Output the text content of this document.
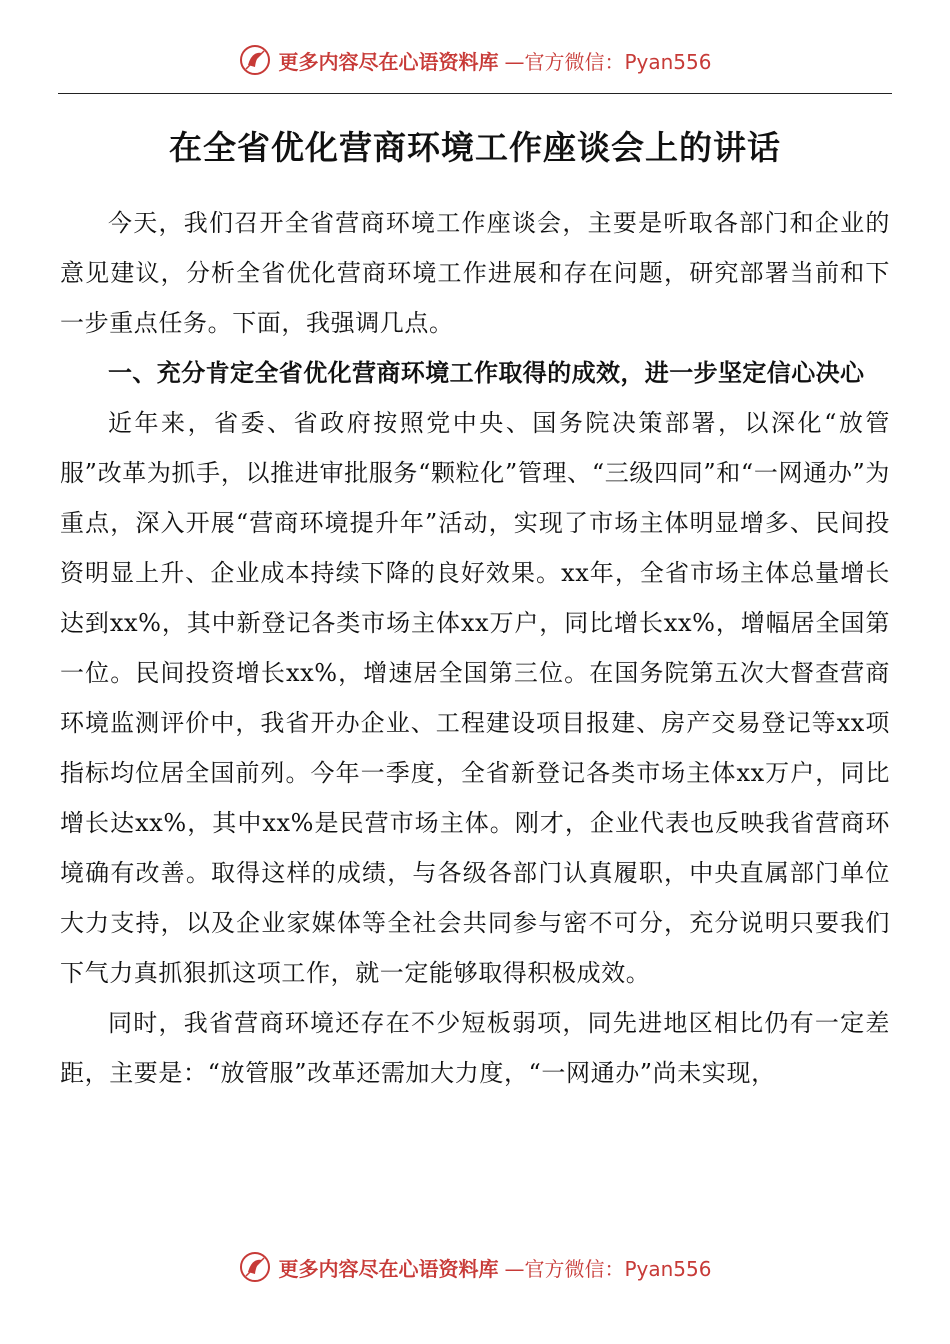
更多内容尽在心语资料库 —官方微信：Pyan556
在全省优化营商环境工作座谈会上的讲话

今天，我们召开全省营商环境工作座谈会，主要是听取各部门和企业的意见建议，分析全省优化营商环境工作进展和存在问题，研究部署当前和下一步重点任务。下面，我强调几点。

一、充分肯定全省优化营商环境工作取得的成效，进一步坚定信心决心

近年来，省委、省政府按照党中央、国务院决策部署，以深化“放管服”改革为抓手，以推进审批服务“颗粒化”管理、“三级四同”和“一网通办”为重点，深入开展“营商环境提升年”活动，实现了市场主体明显增多、民间投资明显上升、企业成本持续下降的良好效果。xx年，全省市场主体总量增长达到xx%，其中新登记各类市场主体xx万户，同比增长xx%，增幅居全国第一位。民间投资增长xx%，增速居全国第三位。在国务院第五次大督查营商环境监测评价中，我省开办企业、工程建设项目报建、房产交易登记等xx项指标均位居全国前列。今年一季度，全省新登记各类市场主体xx万户，同比增长达xx%，其中xx%是民营市场主体。刚才，企业代表也反映我省营商环境确有改善。取得这样的成绩，与各级各部门认真履职，中央直属部门单位大力支持，以及企业家媒体等全社会共同参与密不可分，充分说明只要我们下气力真抓狠抓这项工作，就一定能够取得积极成效。

同时，我省营商环境还存在不少短板弱项，同先进地区相比仍有一定差距，主要是：“放管服”改革还需加大力度，“一网通办”尚未实现，

更多内容尽在心语资料库 —官方微信：Pyan556
